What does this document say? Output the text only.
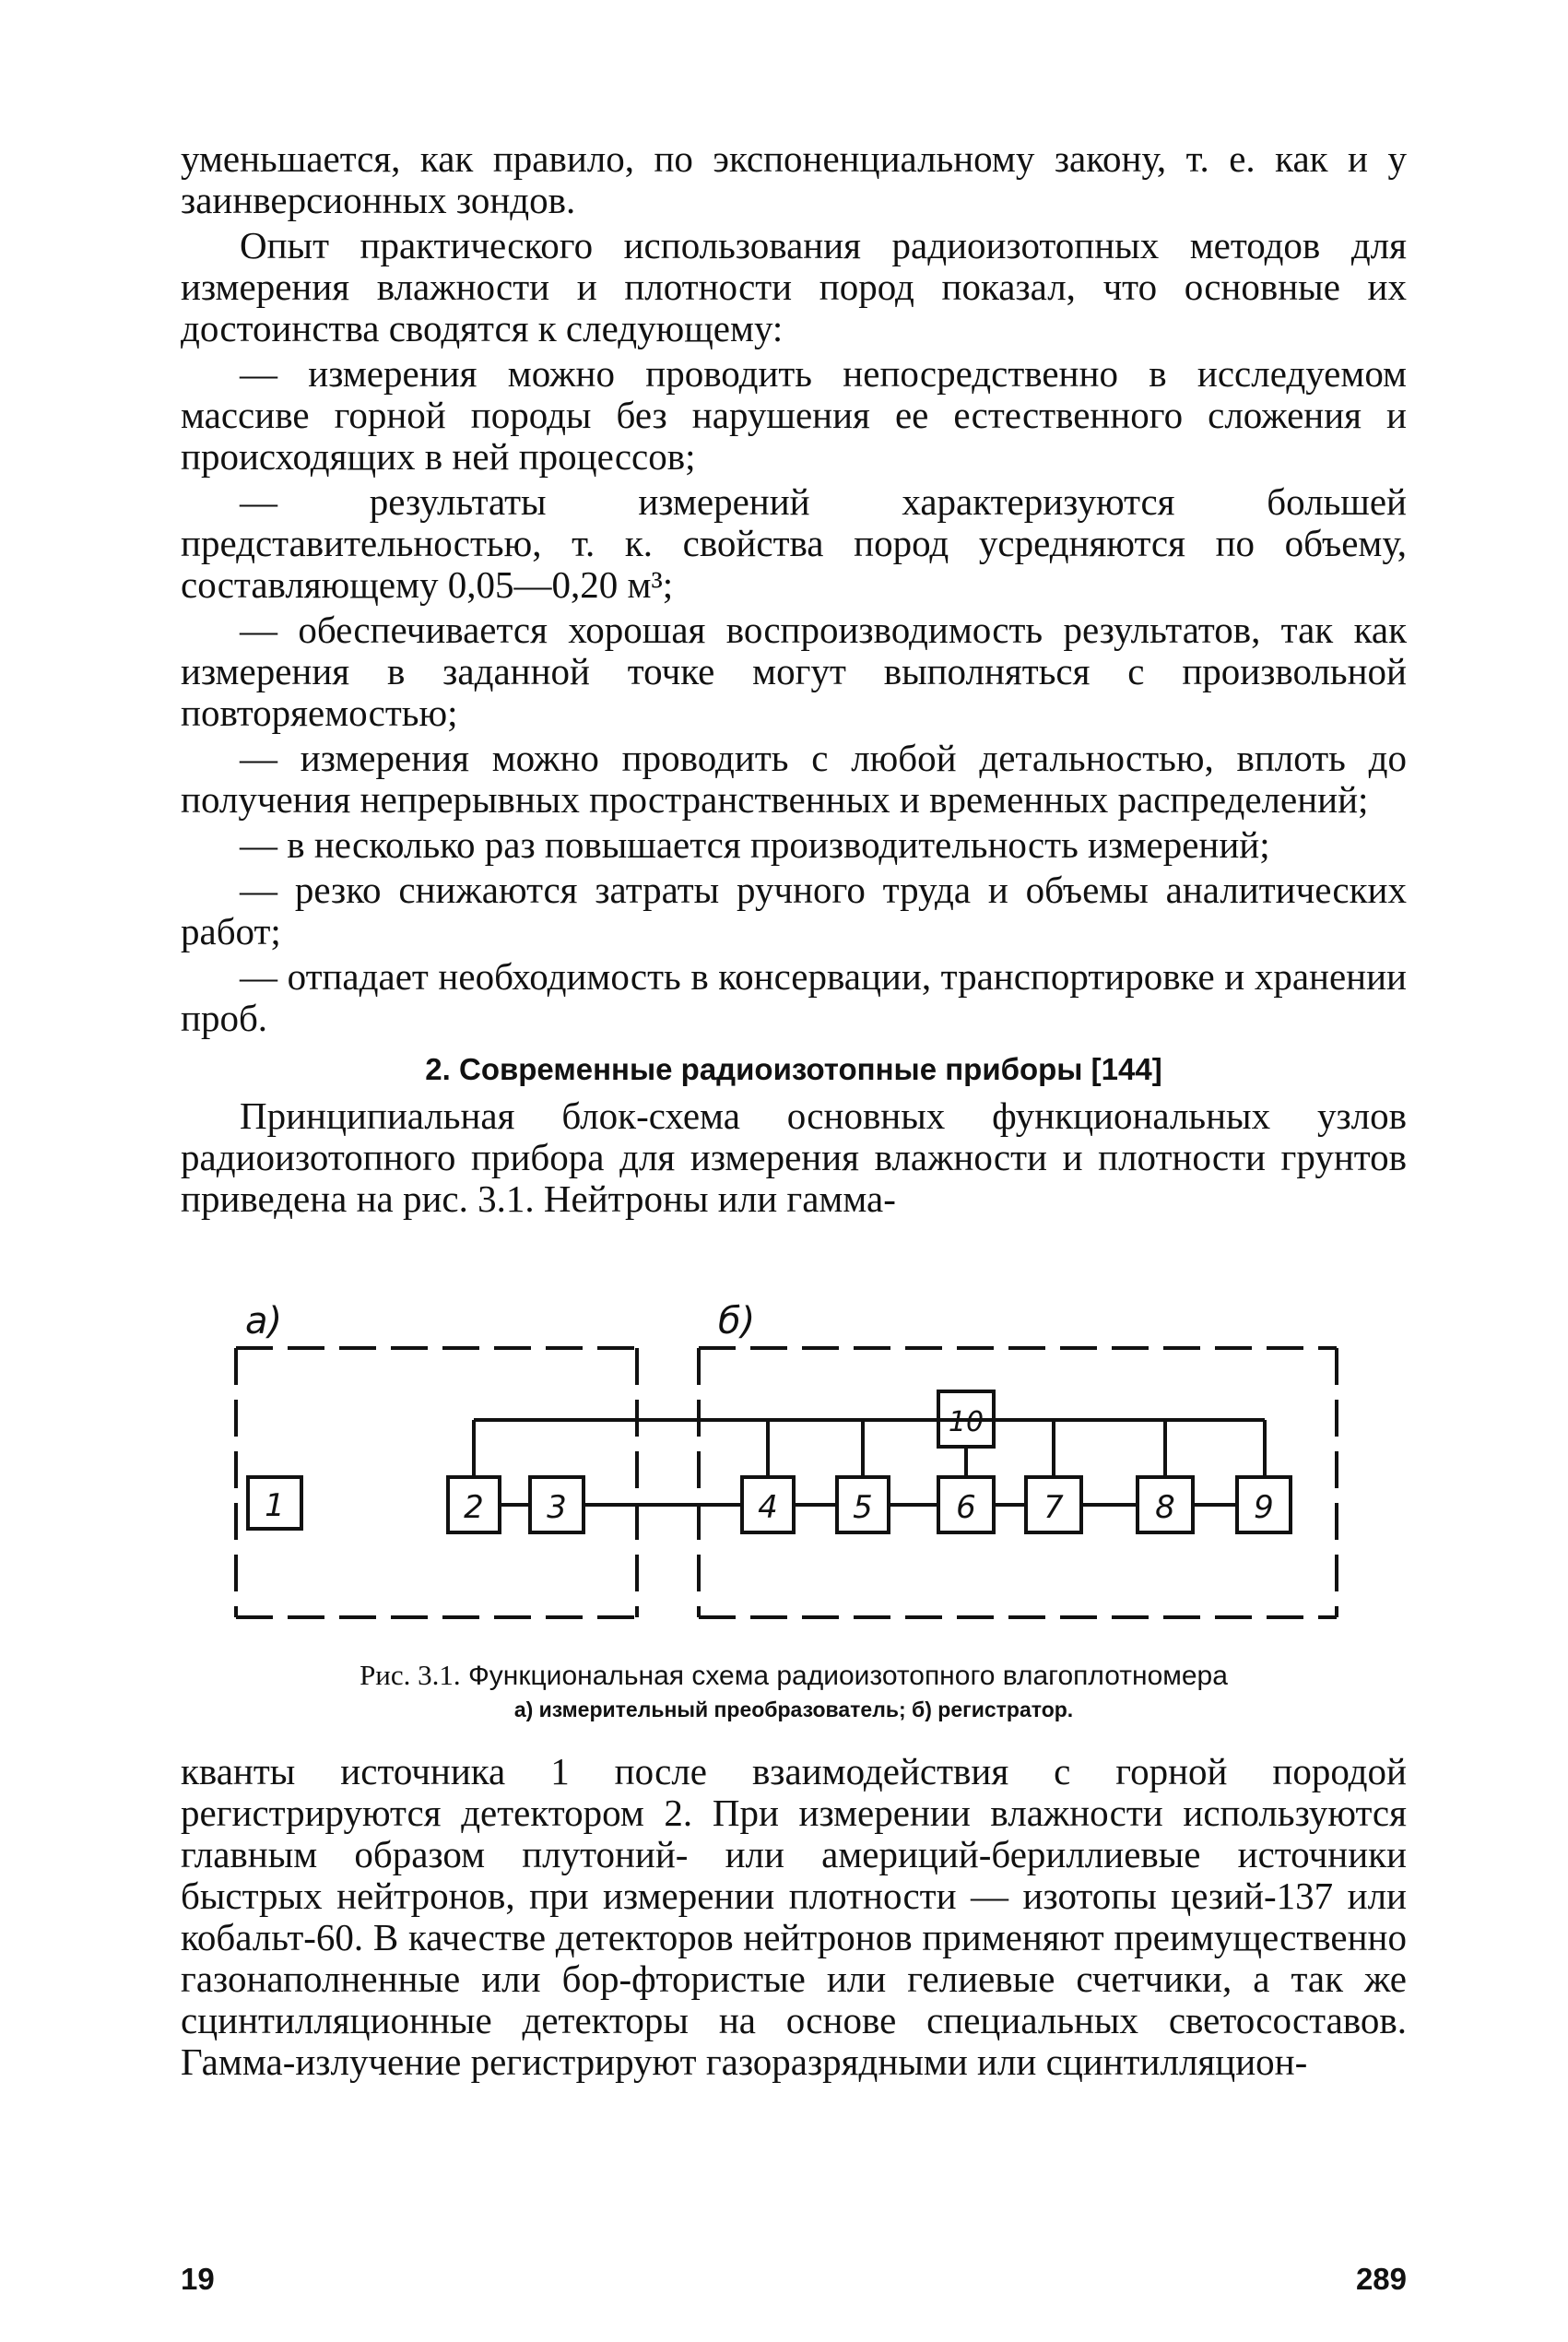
уменьшается, как правило, по экспоненциальному закону, т. е. как и у заинверсионных зондов.

Опыт практического использования радиоизотопных методов для измерения влажности и плотности пород показал, что основные их достоинства сводятся к следующему:

— измерения можно проводить непосредственно в исследуемом массиве горной породы без нарушения ее естественного сложения и происходящих в ней процессов;

— результаты измерений характеризуются большей представительностью, т. к. свойства пород усредняются по объему, составляющему 0,05—0,20 м³;

— обеспечивается хорошая воспроизводимость результатов, так как измерения в заданной точке могут выполняться с произвольной повторяемостью;

— измерения можно проводить с любой детальностью, вплоть до получения непрерывных пространственных и временных распределений;

— в несколько раз повышается производительность измерений;

— резко снижаются затраты ручного труда и объемы аналитических работ;

— отпадает необходимость в консервации, транспортировке и хранении проб.

2. Современные радиоизотопные приборы [144]

Принципиальная блок-схема основных функциональных узлов радиоизотопного прибора для измерения влажности и плотности грунтов приведена на рис. 3.1. Нейтроны или гамма-

а)	б)
1	2 3	4 5	6 7	8	9
10
Рис. 3.1. Функциональная схема радиоизотопного влагоплотномера
а) измерительный преобразователь; б) регистратор.

кванты источника 1 после взаимодействия с горной породой регистрируются детектором 2. При измерении влажности используются главным образом плутоний- или америций-бериллиевые источники быстрых нейтронов, при измерении плотности — изотопы цезий-137 или кобальт-60. В качестве детекторов нейтронов применяют преимущественно газонаполненные или бор-фтористые или гелиевые счетчики, а так же сцинтилляционные детекторы на основе специальных светосоставов. Гамма-излучение регистрируют газоразрядными или сцинтилляцион-

19	289
